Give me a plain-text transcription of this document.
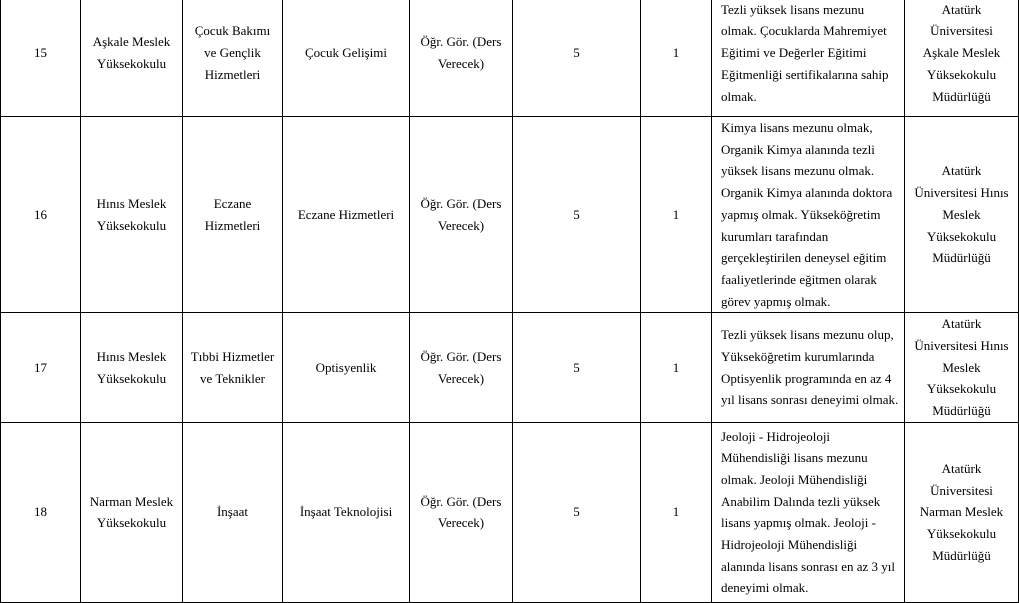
15	Aşkale Meslek Yüksekokulu	Çocuk Bakımı ve Gençlik Hizmetleri	Çocuk Gelişimi	Öğr. Gör. (Ders Verecek)	5	1	Tezli yüksek lisans mezunu olmak. Çocuklarda Mahremiyet Eğitimi ve Değerler Eğitimi Eğitmenliği sertifikalarına sahip olmak.	Atatürk Üniversitesi Aşkale Meslek Yüksekokulu Müdürlüğü
16	Hınıs Meslek Yüksekokulu	Eczane Hizmetleri	Eczane Hizmetleri	Öğr. Gör. (Ders Verecek)	5	1	Kimya lisans mezunu olmak, Organik Kimya alanında tezli yüksek lisans mezunu olmak. Organik Kimya alanında doktora yapmış olmak. Yükseköğretim kurumları tarafından gerçekleştirilen deneysel eğitim faaliyetlerinde eğitmen olarak görev yapmış olmak.	Atatürk Üniversitesi Hınıs Meslek Yüksekokulu Müdürlüğü
17	Hınıs Meslek Yüksekokulu	Tıbbi Hizmetler ve Teknikler	Optisyenlik	Öğr. Gör. (Ders Verecek)	5	1	Tezli yüksek lisans mezunu olup, Yükseköğretim kurumlarında Optisyenlik programında en az 4 yıl lisans sonrası deneyimi olmak.	Atatürk Üniversitesi Hınıs Meslek Yüksekokulu Müdürlüğü
18	Narman Meslek Yüksekokulu	İnşaat	İnşaat Teknolojisi	Öğr. Gör. (Ders Verecek)	5	1	Jeoloji - Hidrojeoloji Mühendisliği lisans mezunu olmak. Jeoloji Mühendisliği Anabilim Dalında tezli yüksek lisans yapmış olmak. Jeoloji - Hidrojeoloji Mühendisliği alanında lisans sonrası en az 3 yıl deneyimi olmak.	Atatürk Üniversitesi Narman Meslek Yüksekokulu Müdürlüğü
